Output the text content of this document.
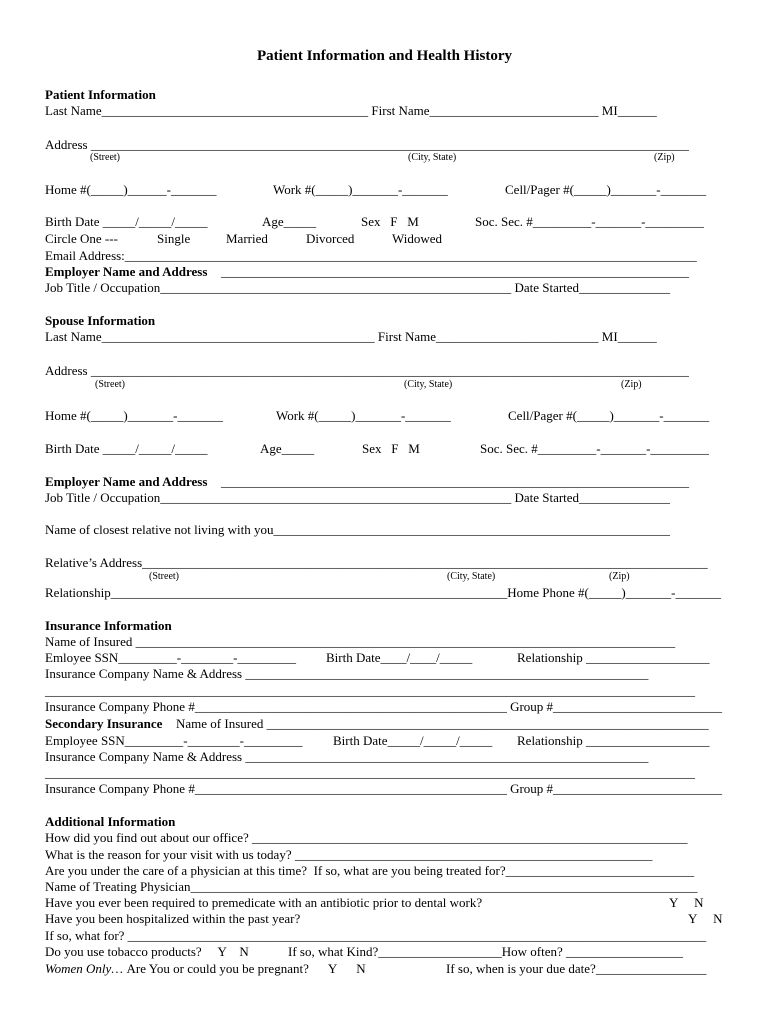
Patient Information and Health History
Patient Information
Last Name_________________________________________ First Name__________________________ MI______
Address ____________________________________________________________________________________________
(Street)	(City, State)	(Zip)
Home #(_____)______-_______	Work #(_____)_______-_______	Cell/Pager #(_____)_______-_______
Birth Date _____/_____/_____	Age_____	Sex   F   M	Soc. Sec. #_________-_______-_________
Circle One ---	Single	Married	Divorced	Widowed
Email Address:________________________________________________________________________________________
Employer Name and Address ________________________________________________________________________
Job Title / Occupation______________________________________________________ Date Started______________
Spouse Information
Last Name__________________________________________ First Name_________________________ MI______
Address ____________________________________________________________________________________________
(Street)	(City, State)	(Zip)
Home #(_____)_______-_______	Work #(_____)_______-_______	Cell/Pager #(_____)_______-_______
Birth Date _____/_____/_____	Age_____	Sex   F   M	Soc. Sec. #_________-_______-_________
Employer Name and Address ________________________________________________________________________
Job Title / Occupation______________________________________________________ Date Started______________
Name of closest relative not living with you_____________________________________________________________
Relative’s Address_______________________________________________________________________________________
(Street)	(City, State)	(Zip)
Relationship_____________________________________________________________Home Phone #(_____)_______-_______
Insurance Information
Name of Insured ___________________________________________________________________________________
Emloyee SSN_________-________-_________ Birth Date____/____/_____	Relationship ___________________
Insurance Company Name & Address ______________________________________________________________
____________________________________________________________________________________________________
Insurance Company Phone #________________________________________________ Group #__________________________
Secondary Insurance Name of Insured ____________________________________________________________________
Employee SSN_________-________-_________ Birth Date_____/_____/_____ Relationship ___________________
Insurance Company Name & Address ______________________________________________________________
____________________________________________________________________________________________________
Insurance Company Phone #________________________________________________ Group #__________________________
Additional Information
How did you find out about our office? ___________________________________________________________________
What is the reason for your visit with us today? _______________________________________________________
Are you under the care of a physician at this time?  If so, what are you being treated for?_____________________________
Name of Treating Physician______________________________________________________________________________
Have you ever been required to premedicate with an antibiotic prior to dental work?	Y     N
Have you been hospitalized within the past year?	Y     N
If so, what for? _________________________________________________________________________________________
Do you use tobacco products?     Y    N	If so, what Kind?___________________How often? __________________
Women Only… Are You or could you be pregnant?      Y      N	If so, when is your due date?_________________
